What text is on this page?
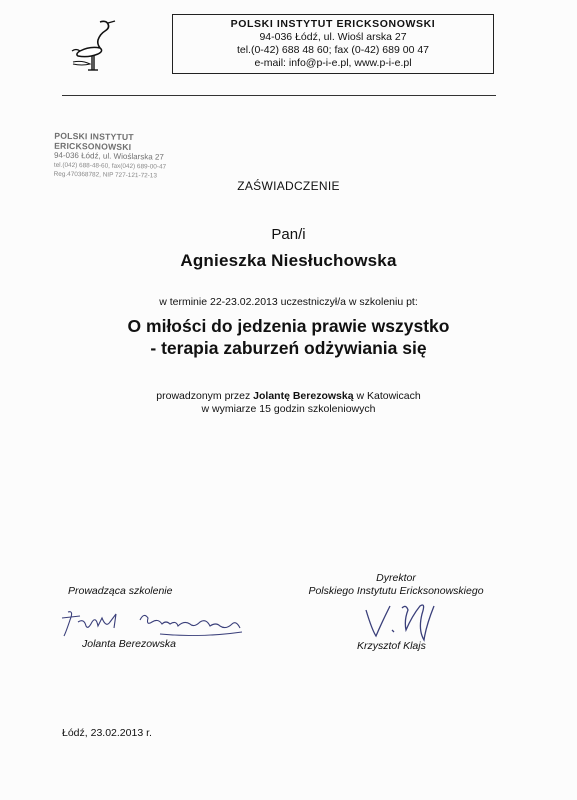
POLSKI INSTYTUT ERICKSONOWSKI
94-036 Łódź, ul. Wiośl arska 27
tel.(0-42) 688 48 60; fax (0-42) 689 00 47
e-mail: info@p-i-e.pl, www.p-i-e.pl
POLSKI INSTYTUT ERICKSONOWSKI
94-036 Łódź, ul. Wioślarska 27
tel.(042) 688-48-60, fax(042) 689-00-47
Reg.470368782, NIP 727-121-72-13
ZAŚWIADCZENIE
Pan/i
Agnieszka Niesłuchowska
w terminie 22-23.02.2013 uczestniczył/a w szkoleniu pt:
O miłości do jedzenia prawie wszystko
- terapia zaburzeń odżywiania się
prowadzonym przez Jolantę Berezowską w Katowicach
w wymiarze 15 godzin szkoleniowych
Prowadząca szkolenie
Jolanta Berezowska
Dyrektor
Polskiego Instytutu Ericksonowskiego
Krzysztof Klajs
Łódź, 23.02.2013 r.
